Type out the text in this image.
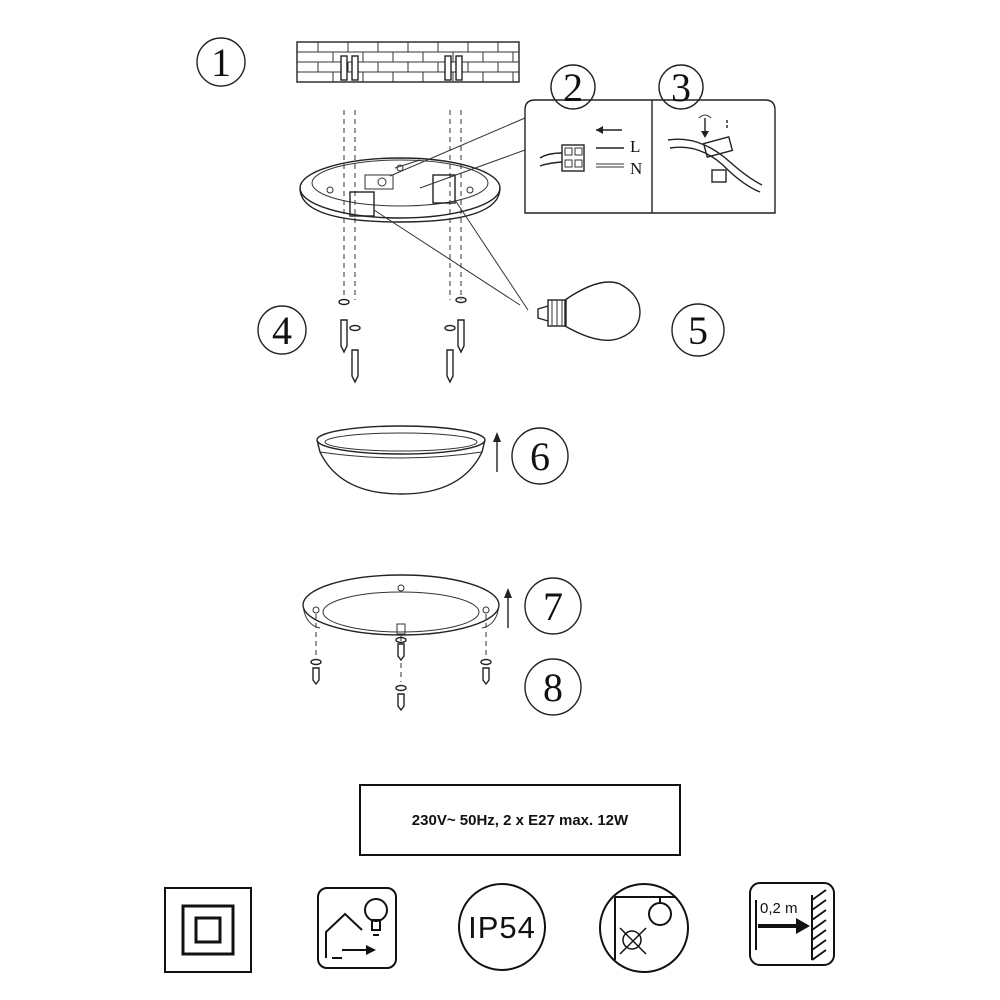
1
2 3
L
N
4	5
6
7
8
230V~ 50Hz, 2 x E27 max. 12W
IP54
0,2 m
